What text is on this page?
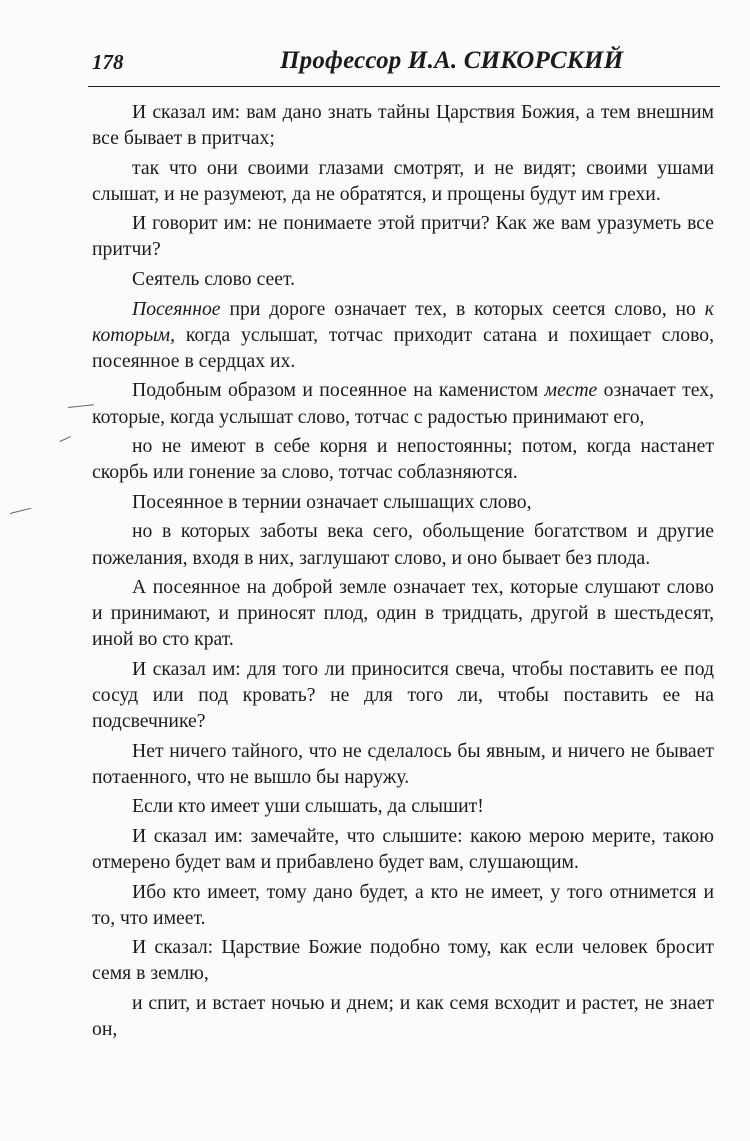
178	Профессор И.А. СИКОРСКИЙ

И сказал им: вам дано знать тайны Царствия Божия, а тем внешним все бывает в притчах;

так что они своими глазами смотрят, и не видят; своими ушами слышат, и не разумеют, да не обратятся, и прощены будут им грехи.

И говорит им: не понимаете этой притчи? Как же вам уразуметь все притчи?

Сеятель слово сеет.

Посеянное при дороге означает тех, в которых сеется слово, но к которым, когда услышат, тотчас приходит сатана и похищает слово, посеянное в сердцах их.

Подобным образом и посеянное на каменистом месте означает тех, которые, когда услышат слово, тотчас с радостью принимают его,

но не имеют в себе корня и непостоянны; потом, когда настанет скорбь или гонение за слово, тотчас соблазняются.

Посеянное в тернии означает слышащих слово,

но в которых заботы века сего, обольщение богатством и другие пожелания, входя в них, заглушают слово, и оно бывает без плода.

А посеянное на доброй земле означает тех, которые слушают слово и принимают, и приносят плод, один в тридцать, другой в шестьдесят, иной во сто крат.

И сказал им: для того ли приносится свеча, чтобы поставить ее под сосуд или под кровать? не для того ли, чтобы поставить ее на подсвечнике?

Нет ничего тайного, что не сделалось бы явным, и ничего не бывает потаенного, что не вышло бы наружу.

Если кто имеет уши слышать, да слышит!

И сказал им: замечайте, что слышите: какою мерою мерите, такою отмерено будет вам и прибавлено будет вам, слушающим.

Ибо кто имеет, тому дано будет, а кто не имеет, у того отнимется и то, что имеет.

И сказал: Царствие Божие подобно тому, как если человек бросит семя в землю,

и спит, и встает ночью и днем; и как семя всходит и растет, не знает он,
